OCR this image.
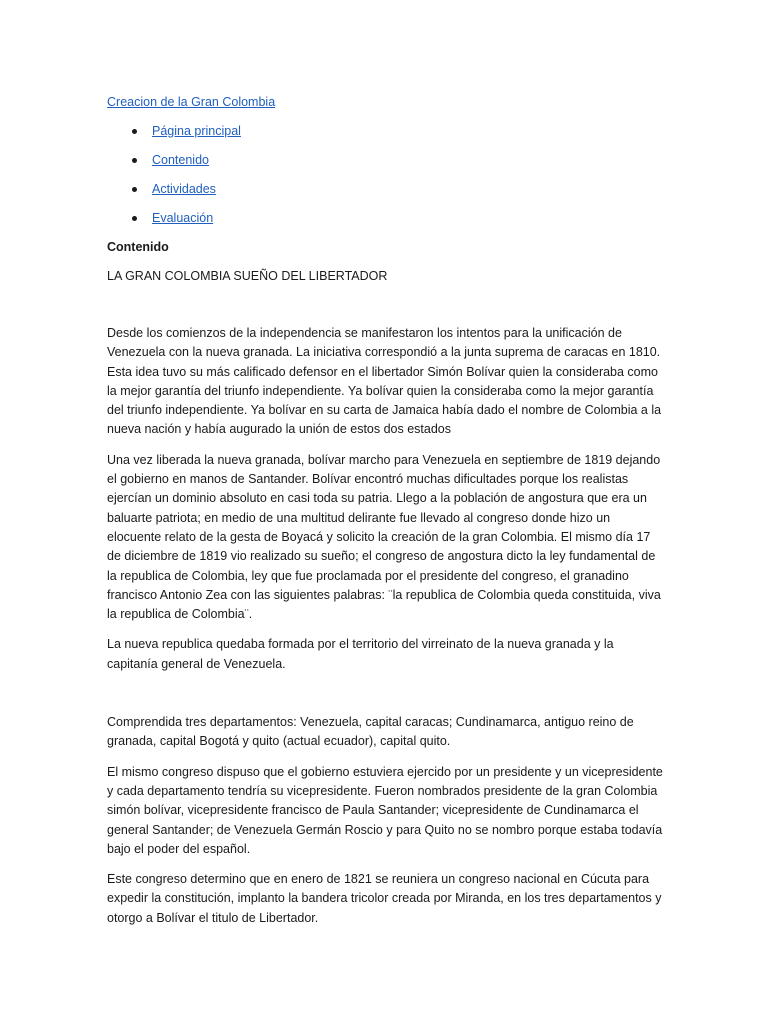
Creacion de la Gran Colombia
Página principal
Contenido
Actividades
Evaluación
Contenido
LA GRAN COLOMBIA SUEÑO DEL LIBERTADOR

Desde los comienzos de la independencia se manifestaron los intentos para la unificación de Venezuela con la nueva granada. La iniciativa correspondió a la junta suprema de caracas en 1810. Esta idea tuvo su más calificado defensor en el libertador Simón Bolívar quien la consideraba como la mejor garantía del triunfo independiente. Ya bolívar quien la consideraba como la mejor garantía del triunfo independiente. Ya bolívar en su carta de Jamaica había dado el nombre de Colombia a la nueva nación y había augurado la unión de estos dos estados

Una vez liberada la nueva granada, bolívar marcho para Venezuela en septiembre de 1819 dejando el gobierno en manos de Santander. Bolívar encontró muchas dificultades porque los realistas ejercían un dominio absoluto en casi toda su patria. Llego a la población de angostura que era un baluarte patriota; en medio de una multitud delirante fue llevado al congreso donde hizo un elocuente relato de la gesta de Boyacá y solicito la creación de la gran Colombia. El mismo día 17 de diciembre de 1819 vio realizado su sueño; el congreso de angostura dicto la ley fundamental de la republica de Colombia, ley que fue proclamada por el presidente del congreso, el granadino francisco Antonio Zea con las siguientes palabras: ¨la republica de Colombia queda constituida, viva la republica de Colombia¨.

La nueva republica quedaba formada por el territorio del virreinato de la nueva granada y la capitanía general de Venezuela.

Comprendida tres departamentos: Venezuela, capital caracas; Cundinamarca, antiguo reino de granada, capital Bogotá y quito (actual ecuador), capital quito.

El mismo congreso dispuso que el gobierno estuviera ejercido por un presidente y un vicepresidente y cada departamento tendría su vicepresidente. Fueron nombrados presidente de la gran Colombia simón bolívar, vicepresidente francisco de Paula Santander; vicepresidente de Cundinamarca el general Santander; de Venezuela Germán Roscio y para Quito no se nombro porque estaba todavía bajo el poder del español.

Este congreso determino que en enero de 1821 se reuniera un congreso nacional en Cúcuta para expedir la constitución, implanto la bandera tricolor creada por Miranda, en los tres departamentos y otorgo a Bolívar el titulo de Libertador.
